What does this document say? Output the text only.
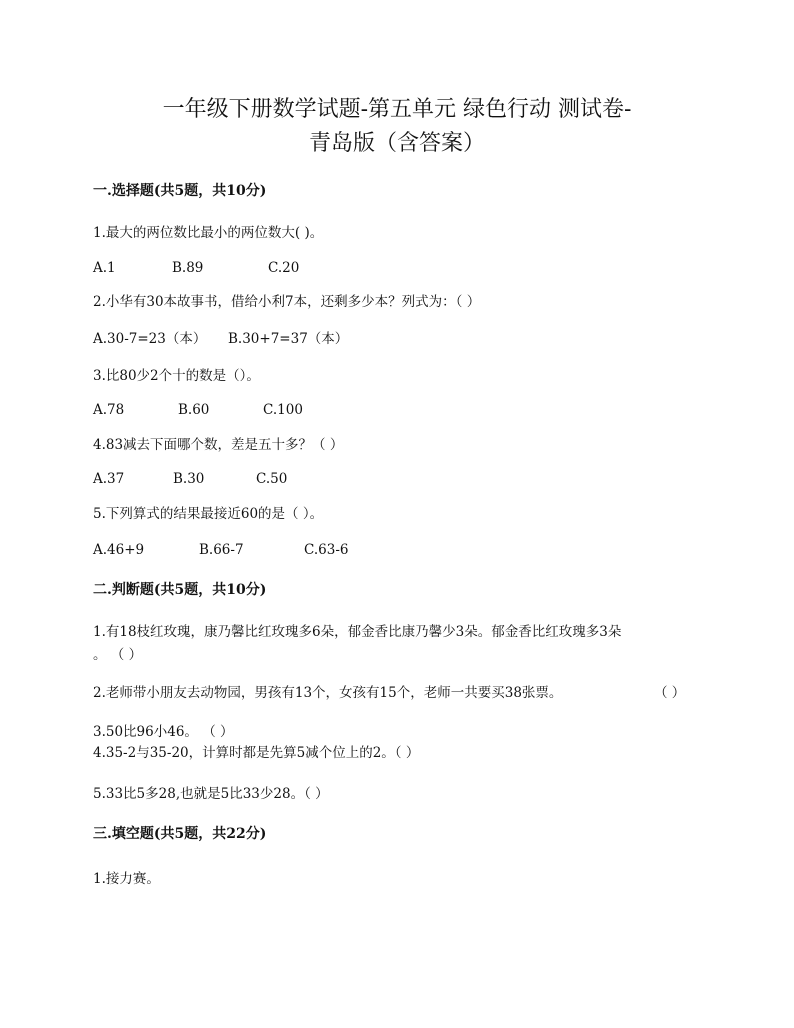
一年级下册数学试题-第五单元 绿色行动 测试卷-
青岛版（含答案）
一.选择题(共5题，共10分)
1.最大的两位数比最小的两位数大( )。
A.1	B.89	C.20
2.小华有30本故事书，借给小利7本，还剩多少本？列式为：（ ）
A.30-7=23（本） B.30+7=37（本）
3.比80少2个十的数是（）。
A.78	B.60	C.100
4.83减去下面哪个数，差是五十多？（ ）
A.37	B.30	C.50
5.下列算式的结果最接近60的是（ ）。
A.46+9	B.66-7	C.63-6
二.判断题(共5题，共10分)
1.有18枝红玫瑰，康乃馨比红玫瑰多6朵，郁金香比康乃馨少3朵。郁金香比红玫瑰多3朵
。 （ ）
2.老师带小朋友去动物园，男孩有13个，女孩有15个，老师一共要买38张票。	（ ）
3.50比96小46。 （ ）
4.35-2与35-20，计算时都是先算5减个位上的2。（ ）
5.33比5多28,也就是5比33少28。（ ）
三.填空题(共5题，共22分)
1.接力赛。
